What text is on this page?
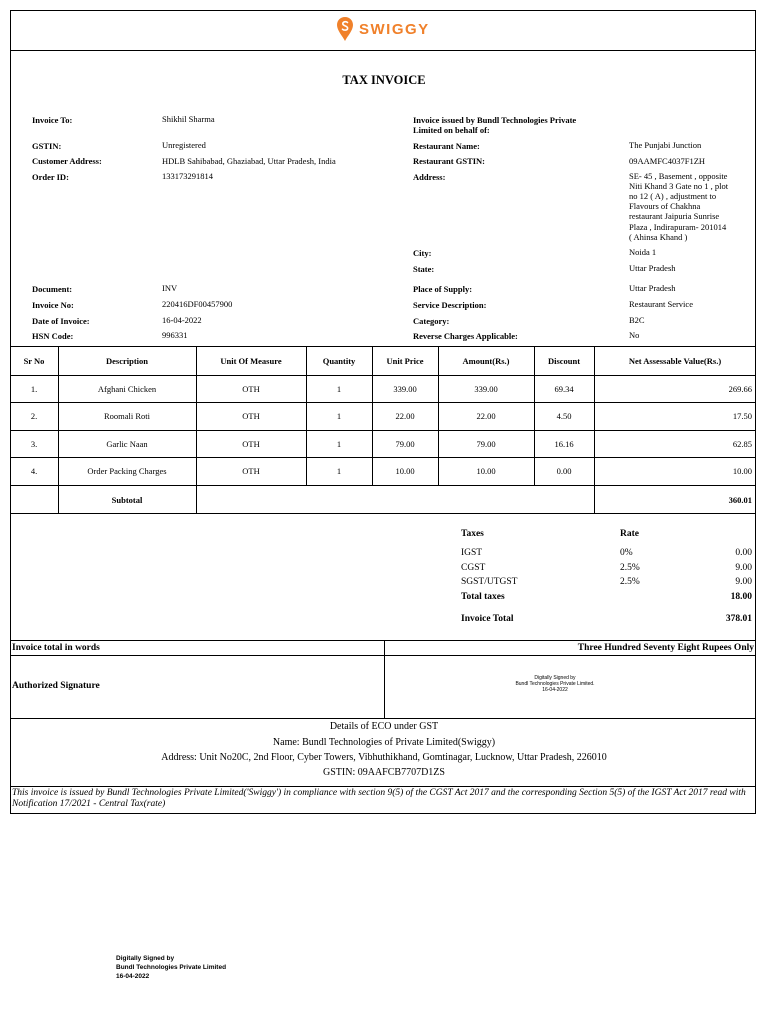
SWIGGY
TAX INVOICE
Invoice To:	Shikhil Sharma
GSTIN:	Unregistered
Customer Address:	HDLB Sahibabad, Ghaziabad, Uttar Pradesh, India
Order ID:	133173291814
Invoice issued by Bundl Technologies Private
Limited on behalf of:
Restaurant Name:	The Punjabi Junction
Restaurant GSTIN:	09AAMFC4037F1ZH
Address:	SE- 45 , Basement , opposite
Niti Khand 3 Gate no 1 , plot
no 12 ( A) , adjustment to
Flavours of Chakhna
restaurant Jaipuria Sunrise
Plaza , Indirapuram- 201014
( Ahinsa Khand )
City:	Noida 1
State:	Uttar Pradesh
Document:	INV
Invoice No:	220416DF00457900
Date of Invoice:	16-04-2022
HSN Code:	996331
Place of Supply:	Uttar Pradesh
Service Description:	Restaurant Service
Category:	B2C
Reverse Charges Applicable:	No
Sr No	Description	Unit Of Measure	Quantity	Unit Price	Amount(Rs.)	Discount	Net Assessable Value(Rs.)
1.	Afghani Chicken	OTH	1	339.00	339.00	69.34	269.66
2.	Roomali Roti	OTH	1	22.00	22.00	4.50	17.50
3.	Garlic Naan	OTH	1	79.00	79.00	16.16	62.85
4.	Order Packing Charges	OTH	1	10.00	10.00	0.00	10.00
Subtotal	360.01
Taxes	Rate
IGST	0%	0.00
CGST	2.5%	9.00
SGST/UTGST	2.5%	9.00
Total taxes	18.00
Invoice Total	378.01
Invoice total in words	Three Hundred Seventy Eight Rupees Only
Authorized Signature
Digitally Signed by
Bundl Technologies Private Limited.
16-04-2022
Details of ECO under GST
Name: Bundl Technologies of Private Limited(Swiggy)
Address: Unit No20C, 2nd Floor, Cyber Towers, Vibhuthikhand, Gomtinagar, Lucknow, Uttar Pradesh, 226010
GSTIN: 09AAFCB7707D1ZS
This invoice is issued by Bundl Technologies Private Limited('Swiggy') in compliance with section 9(5) of the CGST Act 2017 and the corresponding Section 5(5) of the IGST Act 2017 read with Notification 17/2021 - Central Tax(rate)
Digitally Signed by
Bundl Technologies Private Limited
16-04-2022
